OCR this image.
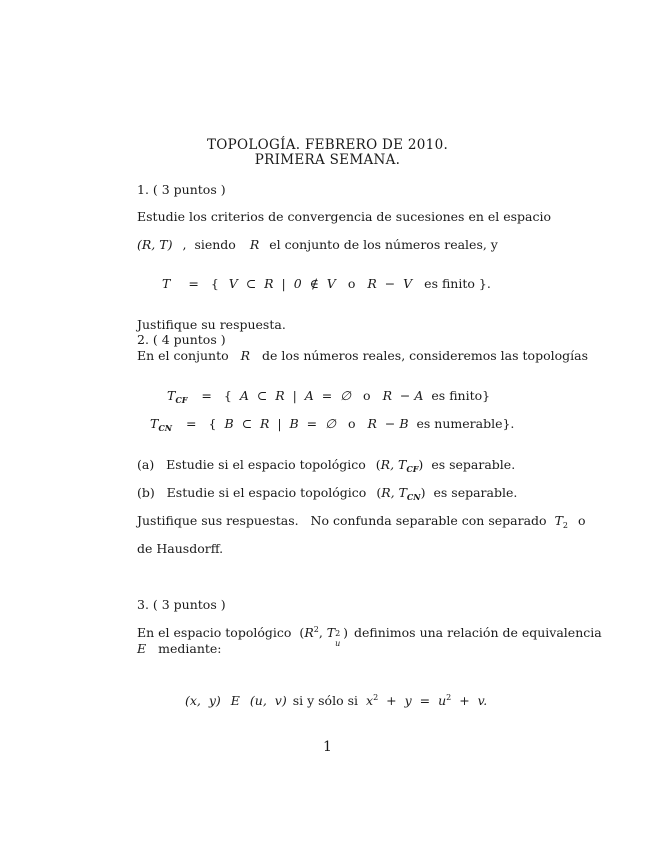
TOPOLOGÍA. FEBRERO DE 2010.
PRIMERA SEMANA.
1. ( 3 puntos )
Estudie los criterios de convergencia de sucesiones en el espacio
(R, T) , siendo R el conjunto de los números reales, y
T = { V  ⊂  R  |  0  ∉  V o R  −  V es finito }.
Justifique su respuesta.
2. ( 4 puntos )
En el conjunto R de los números reales, consideremos las topologías
$T_{CF}$ = { A  ⊂  R  |  A  =  ∅ o R  − A es finito}
$T_{CN}$ = { B  ⊂  R  |  B  =  ∅ o R  − B es numerable}.
(a)   Estudie si el espacio topológico (R, $T_{CF}$) es separable.
(b)   Estudie si el espacio topológico (R, $T_{CN}$) es separable.
Justifique sus respuestas.   No confunda separable con separado $T_2$ o
de Hausdorff.
3. ( 3 puntos )
En el espacio topológico ($R^2$, T 2
u
) definimos una relación de equivalencia
E mediante:
(x,  y) E (u,  v) si y sólo si $x^2 + y = u^2 + v$.
1
